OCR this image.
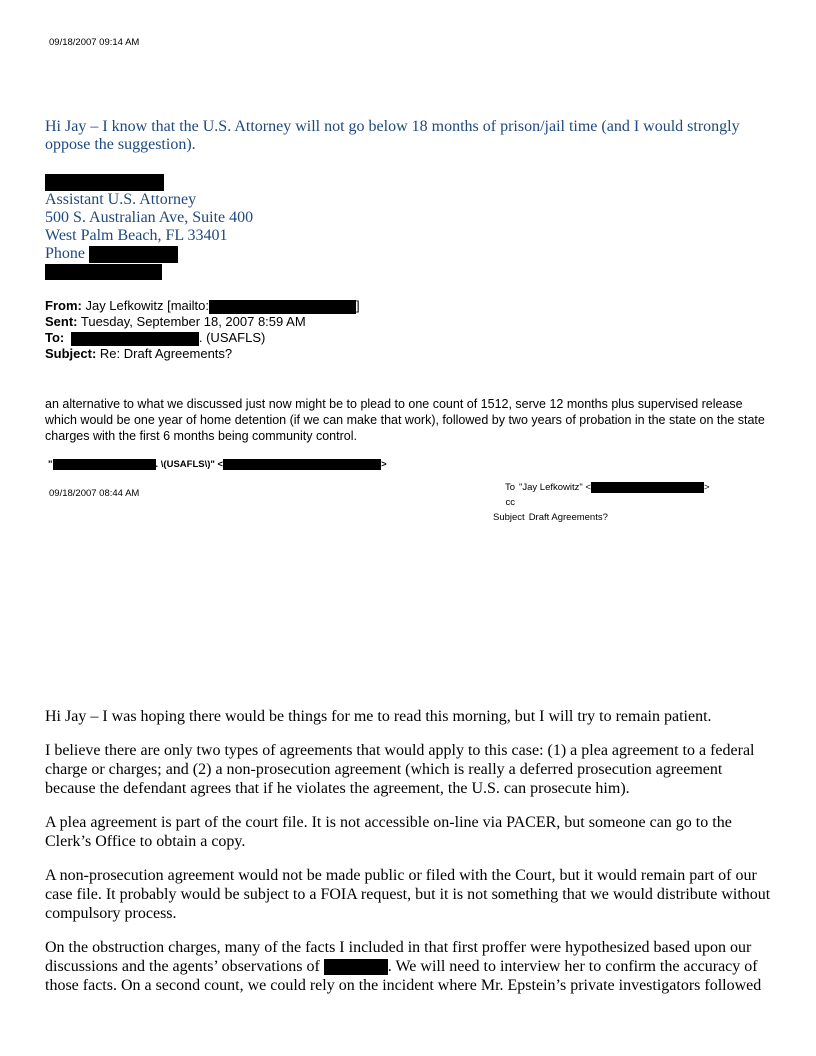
09/18/2007 09:14 AM
Hi Jay – I know that the U.S. Attorney will not go below 18 months of prison/jail time (and I would strongly oppose the suggestion).
Assistant U.S. Attorney
500 S. Australian Ave, Suite 400
West Palm Beach, FL 33401
Phone
From: Jay Lefkowitz [mailto:	]
Sent: Tuesday, September 18, 2007 8:59 AM
To:	. (USAFLS)
Subject: Re: Draft Agreements?
an alternative to what we discussed just now might be to plead to one count of 1512, serve 12 months plus supervised release which would be one year of home detention (if we can make that work), followed by two years of probation in the state on the state charges with the first 6 months being community control.
"	. \(USAFLS\)" <	>
09/18/2007 08:44 AM
To "Jay Lefkowitz" <	>
cc
Subject Draft Agreements?

Hi Jay – I was hoping there would be things for me to read this morning, but I will try to remain patient.

I believe there are only two types of agreements that would apply to this case: (1) a plea agreement to a federal charge or charges; and (2) a non-prosecution agreement (which is really a deferred prosecution agreement because the defendant agrees that if he violates the agreement, the U.S. can prosecute him).

A plea agreement is part of the court file. It is not accessible on-line via PACER, but someone can go to the Clerk’s Office to obtain a copy.

A non-prosecution agreement would not be made public or filed with the Court, but it would remain part of our case file. It probably would be subject to a FOIA request, but it is not something that we would distribute without compulsory process.

On the obstruction charges, many of the facts I included in that first proffer were hypothesized based upon our discussions and the agents’ observations of	. We will need to interview her to confirm the accuracy of those facts. On a second count, we could rely on the incident where Mr. Epstein’s private investigators followed
